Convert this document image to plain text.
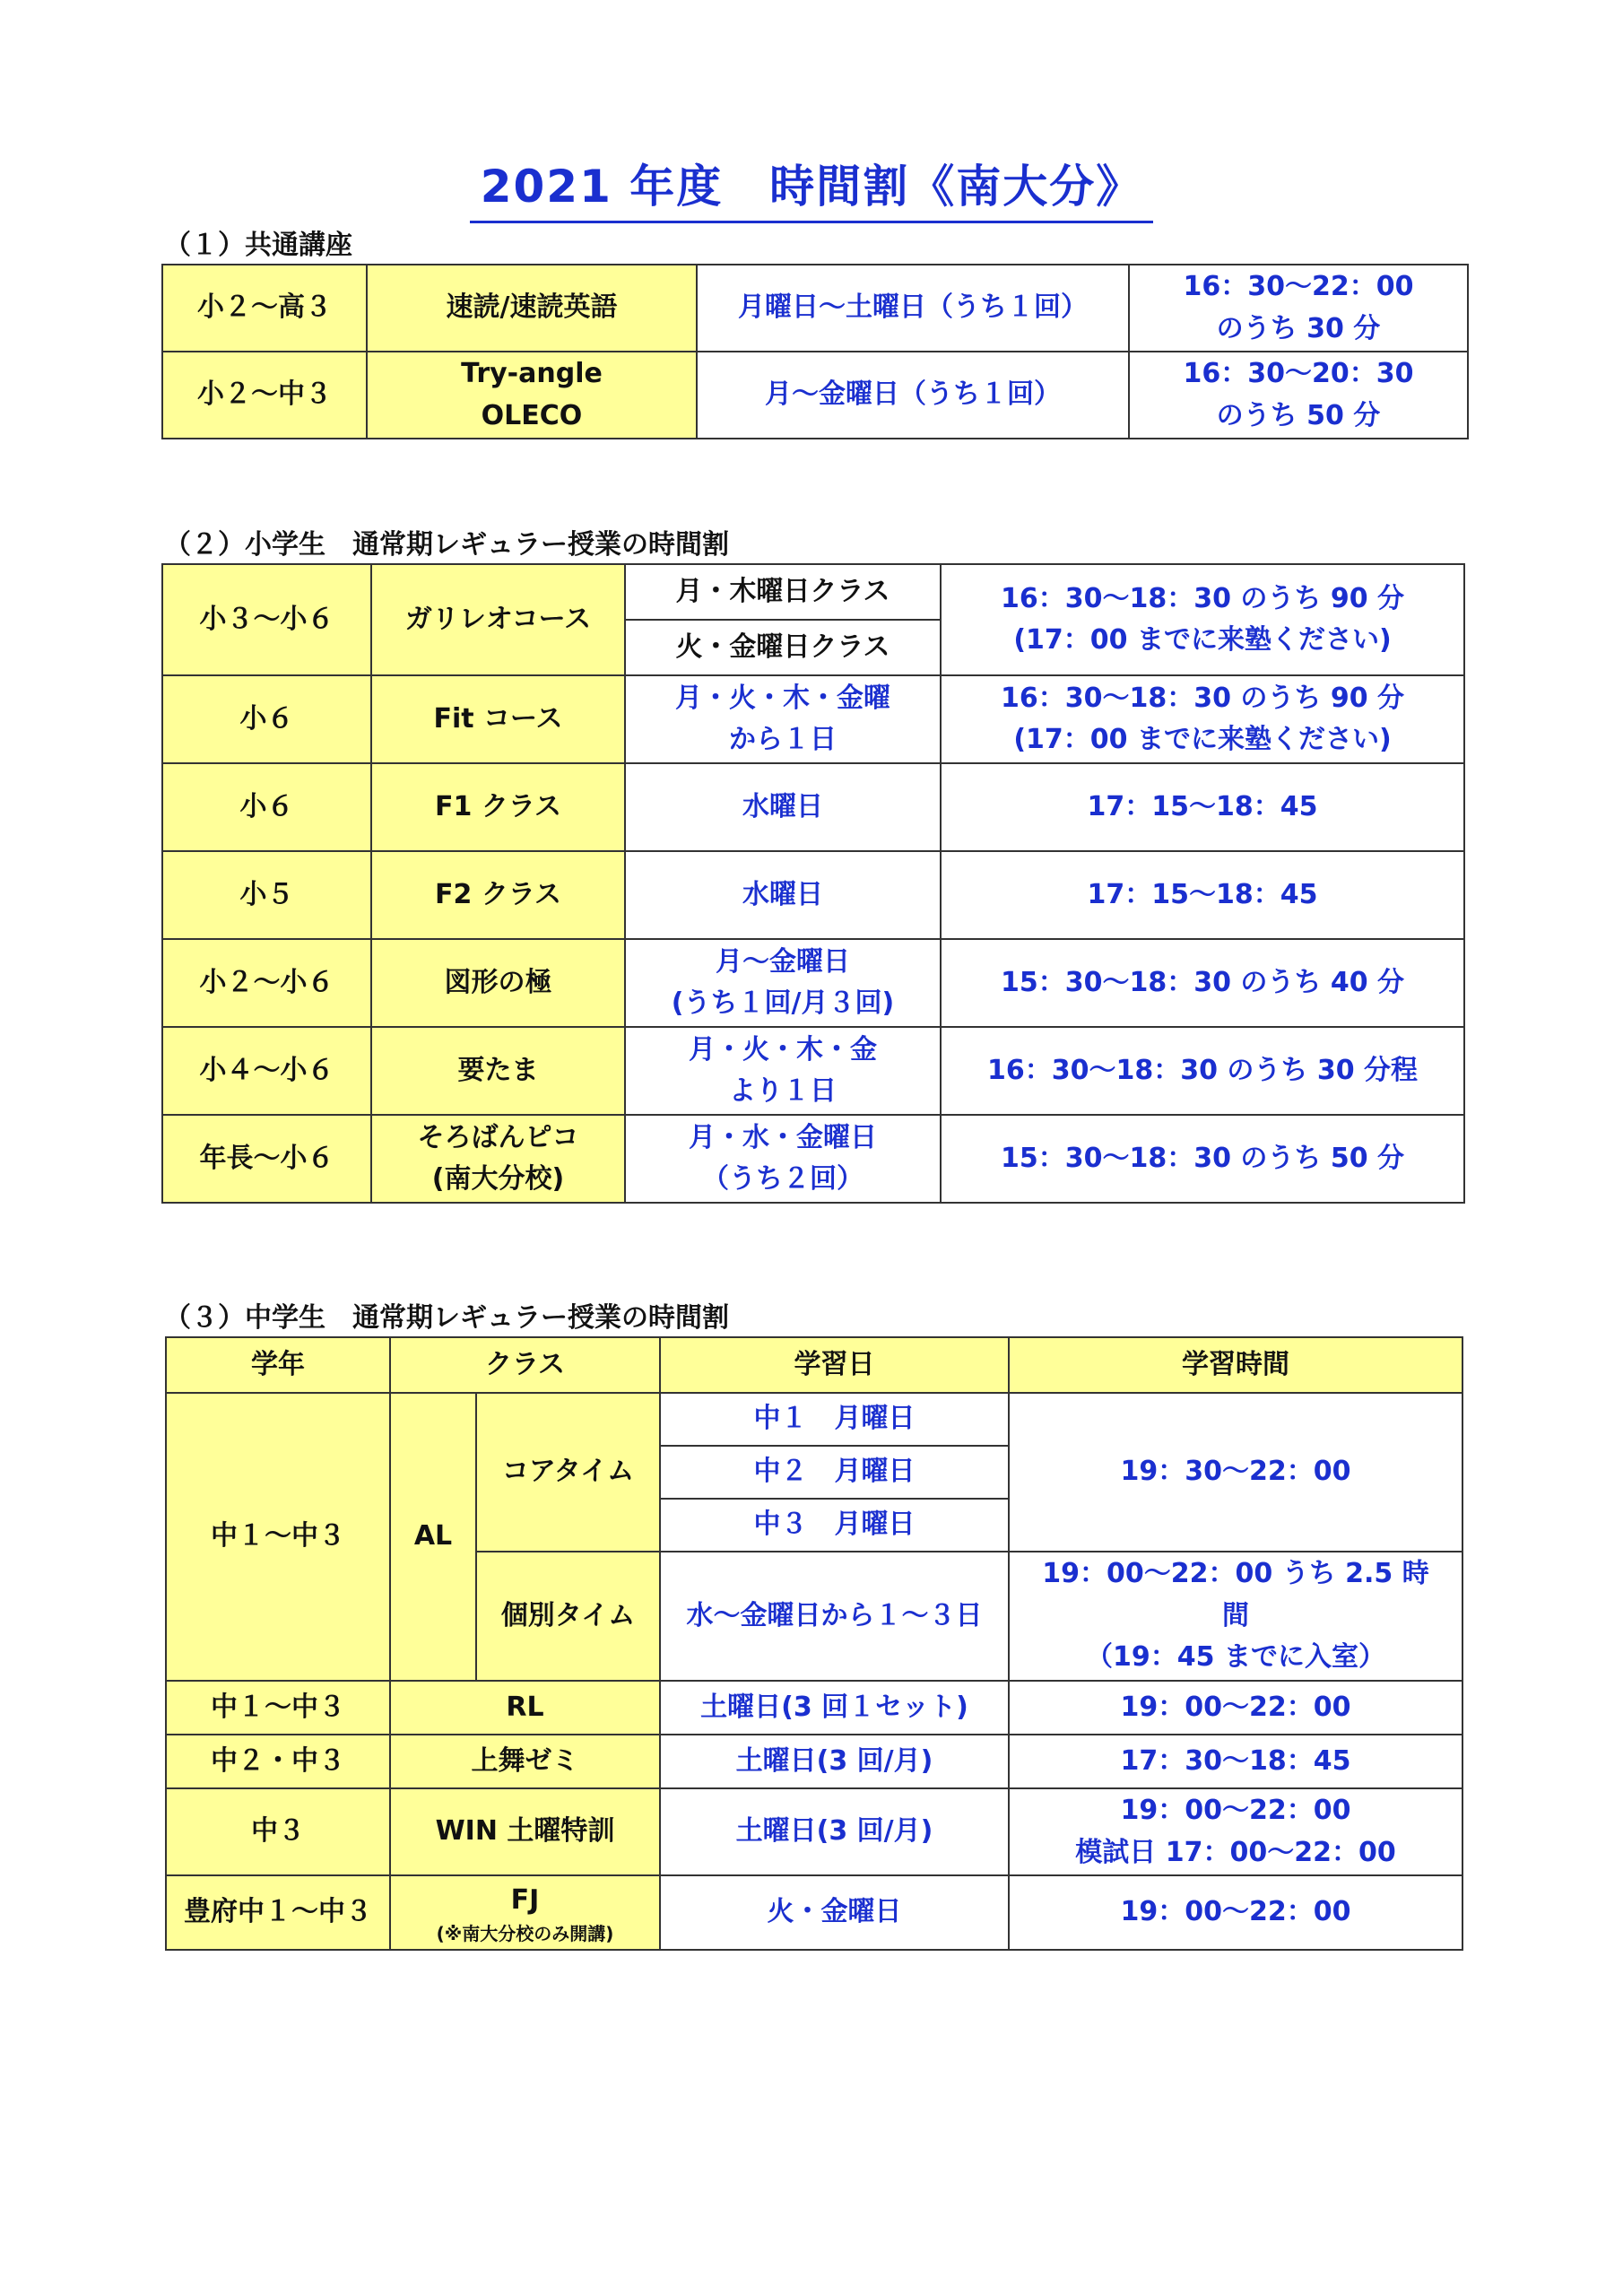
2021 年度　時間割《南大分》

（１）共通講座

小２～高３	速読/速読英語	月曜日～土曜日（うち１回）	16：30～22：00
のうち 30 分

小２～中３	Try-angle
OLECO	月～金曜日（うち１回）	16：30～20：30
のうち 50 分

（２）小学生　通常期レギュラー授業の時間割

小３～小６	ガリレオコース	月・木曜日クラス	16：30～18：30 のうち 90 分
(17：00 までに来塾ください)

		火・金曜日クラス	
小６	Fit コース	月・火・木・金曜
から１日	16：30～18：30 のうち 90 分
(17：00 までに来塾ください)

小６	F1 クラス	水曜日	17：15～18：45
小５	F2 クラス	水曜日	17：15～18：45
小２～小６	図形の極	月～金曜日
(うち１回/月３回)	15：30～18：30 のうち 40 分
小４～小６	要たま	月・火・木・金
より１日	16：30～18：30 のうち 30 分程
年長～小６	そろばんピコ
(南大分校)	月・水・金曜日
（うち２回）	15：30～18：30 のうち 50 分

（３）中学生　通常期レギュラー授業の時間割

学年	クラス		学習日	学習時間
中１～中３	AL	コアタイム	中１　月曜日	19：30～22：00
			中２　月曜日	
			中３　月曜日	
		個別タイム	水～金曜日から１～３日	19：00～22：00 うち 2.5 時
間
（19：45 までに入室）

中１～中３	RL		土曜日(3 回１セット)	19：00～22：00
中２・中３	上舞ゼミ		土曜日(3 回/月)	17：30～18：45
中３	WIN 土曜特訓		土曜日(3 回/月)	19：00～22：00
模試日 17：00～22：00

豊府中１～中３	FJ
(※南大分校のみ開講)		火・金曜日	19：00～22：00
